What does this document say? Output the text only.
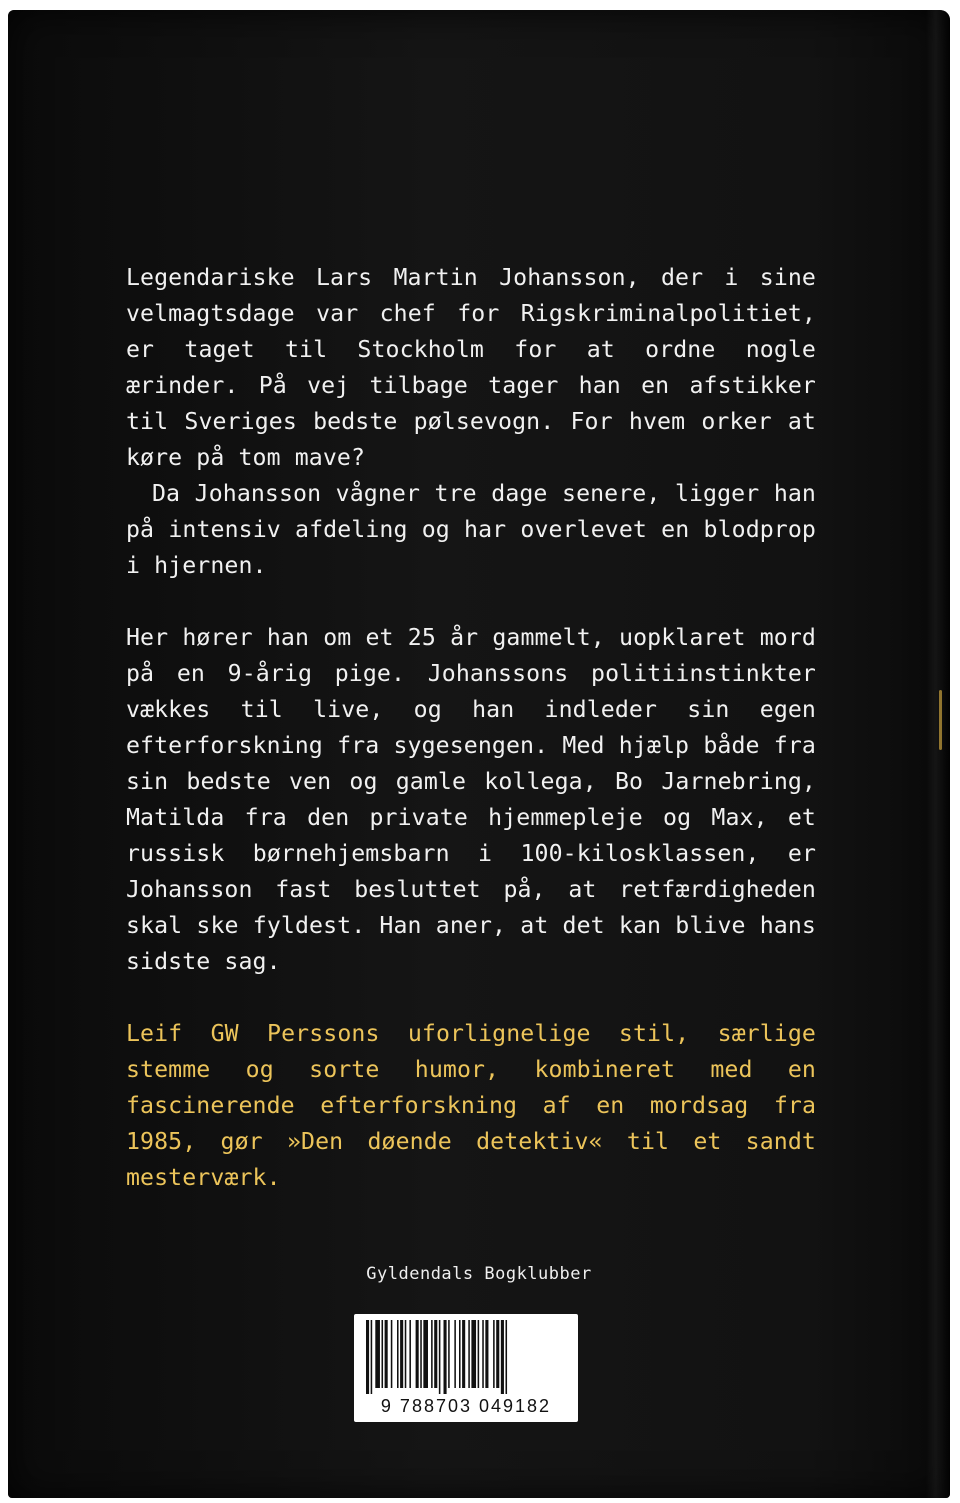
Legendariske Lars Martin Johansson, der i sine velmagtsdage var chef for Rigskriminalpolitiet, er taget til Stockholm for at ordne nogle ærinder. På vej tilbage tager han en afstikker til Sveriges bedste pølsevogn. For hvem orker at køre på tom mave?

Da Johansson vågner tre dage senere, ligger han på intensiv afdeling og har overlevet en blodprop i hjernen.

Her hører han om et 25 år gammelt, uopklaret mord på en 9-årig pige. Johanssons politiinstinkter vækkes til live, og han indleder sin egen efterforskning fra sygesengen. Med hjælp både fra sin bedste ven og gamle kollega, Bo Jarnebring, Matilda fra den private hjemmepleje og Max, et russisk børnehjemsbarn i 100-kilosklassen, er Johansson fast besluttet på, at retfærdigheden skal ske fyldest. Han aner, at det kan blive hans sidste sag.

Leif GW Perssons uforlignelige stil, særlige stemme og sorte humor, kombineret med en fascinerende efterforskning af en mordsag fra 1985, gør »Den døende detektiv« til et sandt mesterværk.

Gyldendals Bogklubber
9 788703 049182
